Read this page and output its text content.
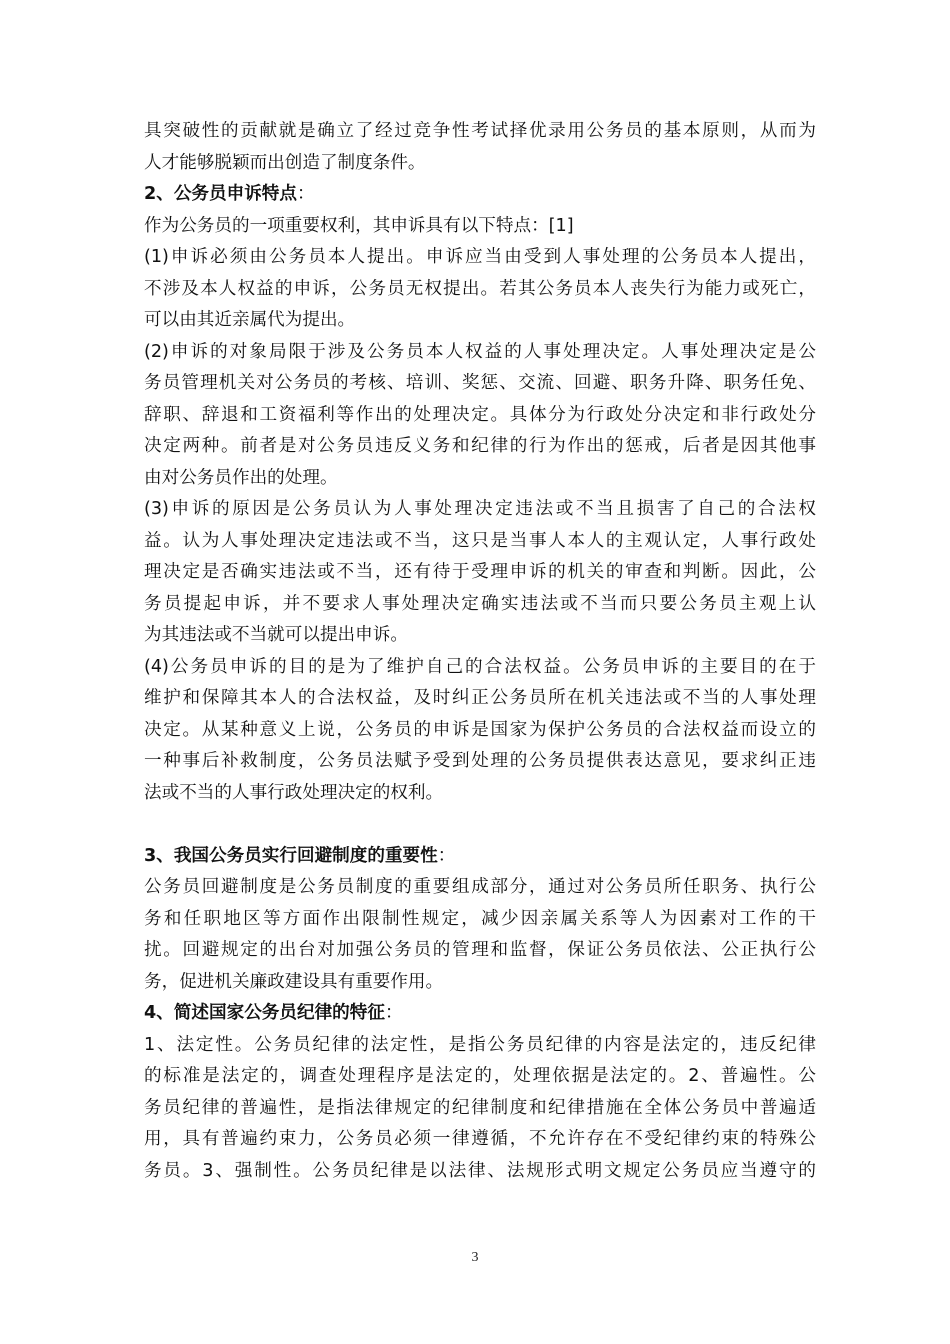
具突破性的贡献就是确立了经过竞争性考试择优录用公务员的基本原则，从而为
人才能够脱颖而出创造了制度条件。
2、公务员申诉特点：
作为公务员的一项重要权利，其申诉具有以下特点：[1]
(1)申诉必须由公务员本人提出。申诉应当由受到人事处理的公务员本人提出，
不涉及本人权益的申诉，公务员无权提出。若其公务员本人丧失行为能力或死亡，
可以由其近亲属代为提出。
(2)申诉的对象局限于涉及公务员本人权益的人事处理决定。人事处理决定是公
务员管理机关对公务员的考核、培训、奖惩、交流、回避、职务升降、职务任免、
辞职、辞退和工资福利等作出的处理决定。具体分为行政处分决定和非行政处分
决定两种。前者是对公务员违反义务和纪律的行为作出的惩戒，后者是因其他事
由对公务员作出的处理。
(3)申诉的原因是公务员认为人事处理决定违法或不当且损害了自己的合法权
益。认为人事处理决定违法或不当，这只是当事人本人的主观认定，人事行政处
理决定是否确实违法或不当，还有待于受理申诉的机关的审查和判断。因此，公
务员提起申诉，并不要求人事处理决定确实违法或不当而只要公务员主观上认
为其违法或不当就可以提出申诉。
(4)公务员申诉的目的是为了维护自己的合法权益。公务员申诉的主要目的在于
维护和保障其本人的合法权益，及时纠正公务员所在机关违法或不当的人事处理
决定。从某种意义上说，公务员的申诉是国家为保护公务员的合法权益而设立的
一种事后补救制度，公务员法赋予受到处理的公务员提供表达意见，要求纠正违
法或不当的人事行政处理决定的权利。
3、我国公务员实行回避制度的重要性：
公务员回避制度是公务员制度的重要组成部分，通过对公务员所任职务、执行公
务和任职地区等方面作出限制性规定，减少因亲属关系等人为因素对工作的干
扰。回避规定的出台对加强公务员的管理和监督，保证公务员依法、公正执行公
务，促进机关廉政建设具有重要作用。
4、简述国家公务员纪律的特征：
1、法定性。公务员纪律的法定性，是指公务员纪律的内容是法定的，违反纪律
的标准是法定的，调查处理程序是法定的，处理依据是法定的。2、普遍性。公
务员纪律的普遍性，是指法律规定的纪律制度和纪律措施在全体公务员中普遍适
用，具有普遍约束力，公务员必须一律遵循，不允许存在不受纪律约束的特殊公
务员。3、强制性。公务员纪律是以法律、法规形式明文规定公务员应当遵守的
3
